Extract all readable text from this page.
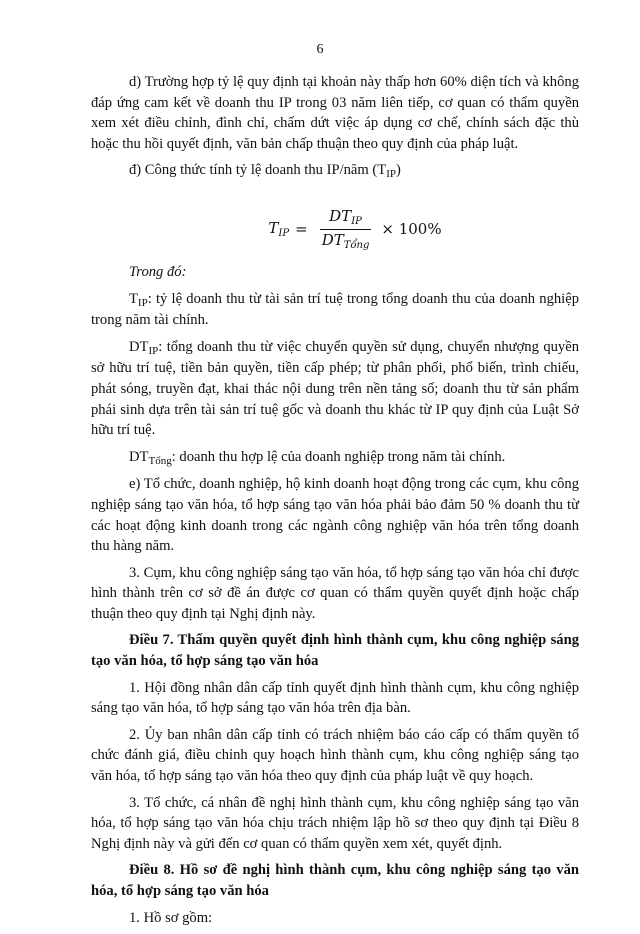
6

d) Trường hợp tỷ lệ quy định tại khoản này thấp hơn 60% diện tích và không đáp ứng cam kết về doanh thu IP trong 03 năm liên tiếp, cơ quan có thẩm quyền xem xét điều chỉnh, đình chỉ, chấm dứt việc áp dụng cơ chế, chính sách đặc thù hoặc thu hồi quyết định, văn bản chấp thuận theo quy định của pháp luật.

đ) Công thức tính tỷ lệ doanh thu IP/năm $(T_{IP})$

$T_{IP} = \frac{DT_{IP}}{DT_{Tổng}} \times 100\%$

Trong đó:

$T_{IP}$: tỷ lệ doanh thu từ tài sản trí tuệ trong tổng doanh thu của doanh nghiệp trong năm tài chính.

$DT_{IP}$: tổng doanh thu từ việc chuyển quyền sử dụng, chuyển nhượng quyền sở hữu trí tuệ, tiền bản quyền, tiền cấp phép; từ phân phối, phổ biến, trình chiếu, phát sóng, truyền đạt, khai thác nội dung trên nền tảng số; doanh thu từ sản phẩm phái sinh dựa trên tài sản trí tuệ gốc và doanh thu khác từ IP quy định của Luật Sở hữu trí tuệ.

$DT_{Tổng}$: doanh thu hợp lệ của doanh nghiệp trong năm tài chính.

e) Tổ chức, doanh nghiệp, hộ kinh doanh hoạt động trong các cụm, khu công nghiệp sáng tạo văn hóa, tổ hợp sáng tạo văn hóa phải bảo đảm 50 % doanh thu từ các hoạt động kinh doanh trong các ngành công nghiệp văn hóa trên tổng doanh thu hàng năm.

3. Cụm, khu công nghiệp sáng tạo văn hóa, tổ hợp sáng tạo văn hóa chỉ được hình thành trên cơ sở đề án được cơ quan có thẩm quyền quyết định hoặc chấp thuận theo quy định tại Nghị định này.

Điều 7. Thẩm quyền quyết định hình thành cụm, khu công nghiệp sáng tạo văn hóa, tổ hợp sáng tạo văn hóa

1. Hội đồng nhân dân cấp tỉnh quyết định hình thành cụm, khu công nghiệp sáng tạo văn hóa, tổ hợp sáng tạo văn hóa trên địa bàn.

2. Ủy ban nhân dân cấp tỉnh có trách nhiệm báo cáo cấp có thẩm quyền tổ chức đánh giá, điều chỉnh quy hoạch hình thành cụm, khu công nghiệp sáng tạo văn hóa, tổ hợp sáng tạo văn hóa theo quy định của pháp luật về quy hoạch.

3. Tổ chức, cá nhân đề nghị hình thành cụm, khu công nghiệp sáng tạo văn hóa, tổ hợp sáng tạo văn hóa chịu trách nhiệm lập hồ sơ theo quy định tại Điều 8 Nghị định này và gửi đến cơ quan có thẩm quyền xem xét, quyết định.

Điều 8. Hồ sơ đề nghị hình thành cụm, khu công nghiệp sáng tạo văn hóa, tổ hợp sáng tạo văn hóa

1. Hồ sơ gồm:
